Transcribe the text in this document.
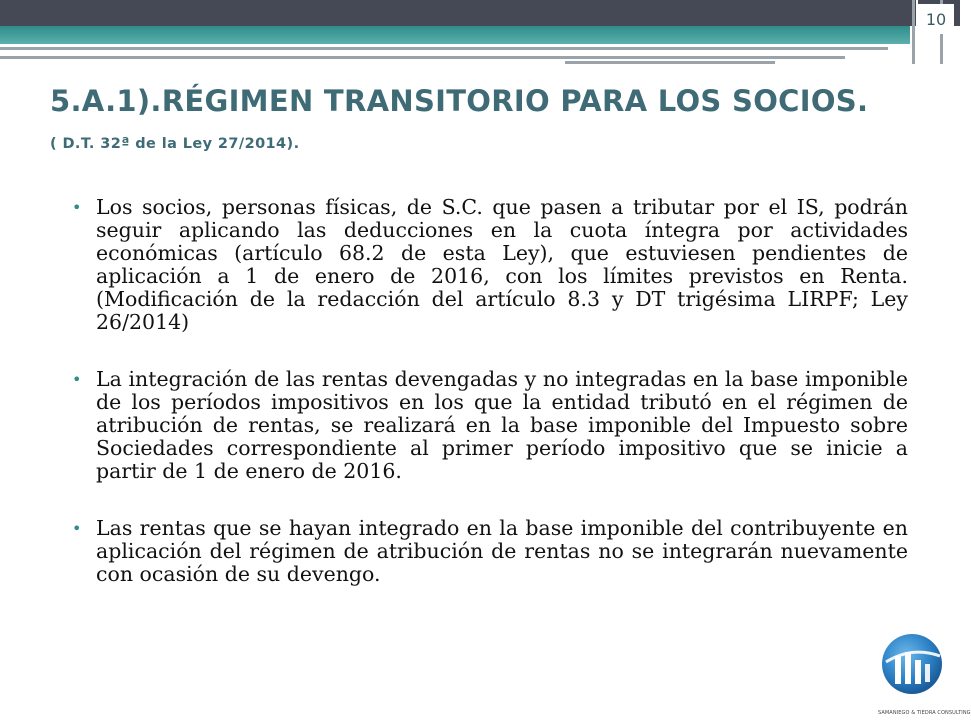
10
5.A.1).RÉGIMEN TRANSITORIO PARA LOS SOCIOS.
( D.T. 32ª de la Ley 27/2014).
• Los socios, personas físicas, de S.C. que pasen a tributar por el IS, podrán seguir aplicando las deducciones en la cuota íntegra por actividades económicas (artículo 68.2 de esta Ley), que estuviesen pendientes de aplicación a 1 de enero de 2016, con los límites previstos en Renta. (Modificación de la redacción del artículo 8.3 y DT trigésima LIRPF; Ley 26/2014)
• La integración de las rentas devengadas y no integradas en la base imponible de los períodos impositivos en los que la entidad tributó en el régimen de atribución de rentas, se realizará en la base imponible del Impuesto sobre Sociedades correspondiente al primer período impositivo que se inicie a partir de 1 de enero de 2016.
• Las rentas que se hayan integrado en la base imponible del contribuyente en aplicación del régimen de atribución de rentas no se integrarán nuevamente con ocasión de su devengo.
SAMANIEGO & TIEDRA CONSULTING
